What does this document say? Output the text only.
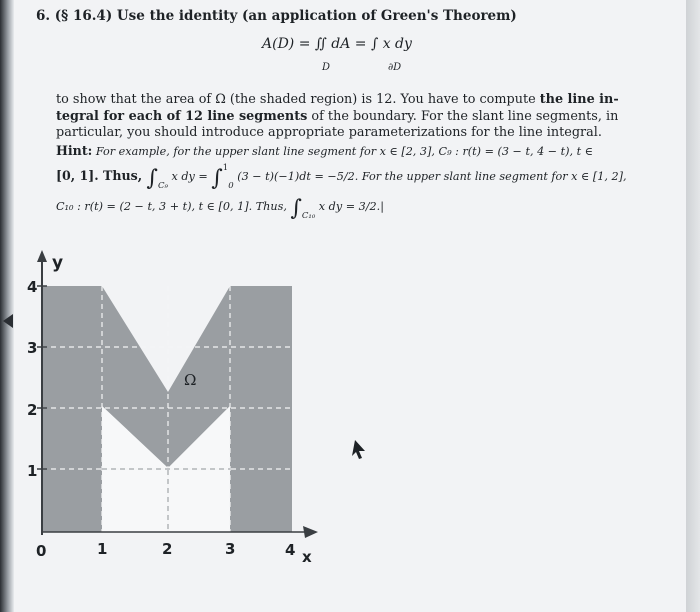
6. (§ 16.4) Use the identity (an application of Green's Theorem)
A(D) = ∬ dA = ∫ x dy
D	∂D
to show that the area of Ω (the shaded region) is 12. You have to compute the line in-
tegral for each of 12 line segments of the boundary. For the slant line segments, in
particular, you should introduce appropriate parameterizations for the line integral.
Hint: For example, for the upper slant line segment for x ∈ [2, 3], C₉ : r(t) = (3 − t, 4 − t), t ∈
[0, 1]. Thus, $\int_{C_9}$ x dy = ∫$^1_0$ (3 − t)(−1)dt = −5/2. For the upper slant line segment for x ∈ [1, 2],
C₁₀ : r(t) = (2 − t, 3 + t), t ∈ [0, 1]. Thus, $\int_{C_{10}}$ x dy = 3/2.|
y
x
4
3
2
1
0	1	2	3	4
Ω
